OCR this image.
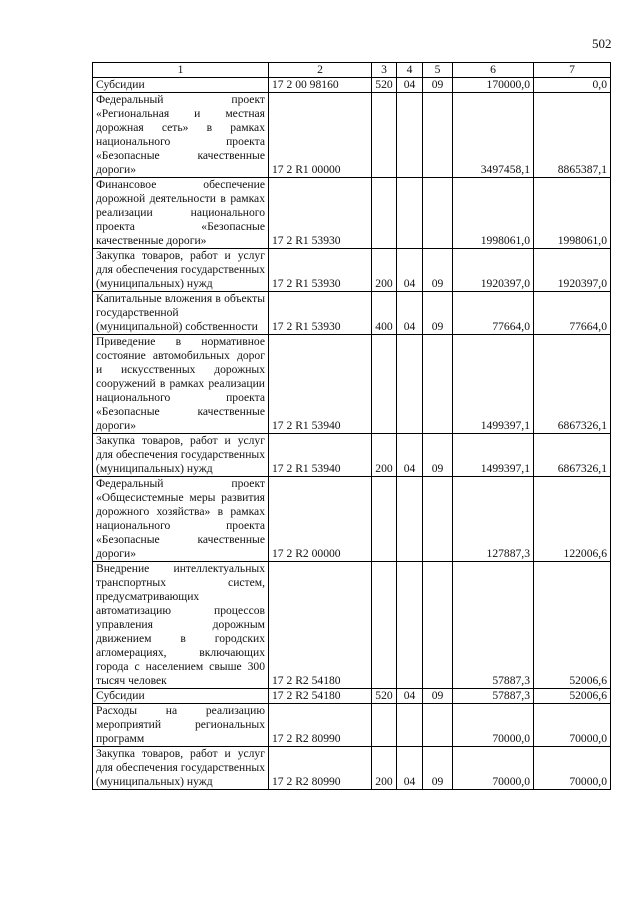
502
1	2	3	4	5	6	7
Субсидии	17 2 00 98160	520	04	09	170000,0	0,0
Федеральный проект «Региональная и местная дорожная сеть» в рамках национального проекта «Безопасные качественные дороги»	17 2 R1 00000				3497458,1	8865387,1
Финансовое обеспечение дорожной деятельности в рамках реализации национального проекта «Безопасные качественные дороги»	17 2 R1 53930				1998061,0	1998061,0
Закупка товаров, работ и услуг для обеспечения государственных (муниципальных) нужд	17 2 R1 53930	200	04	09	1920397,0	1920397,0
Капитальные вложения в объекты государственной (муниципальной) собственности	17 2 R1 53930	400	04	09	77664,0	77664,0
Приведение в нормативное состояние автомобильных дорог и искусственных дорожных сооружений в рамках реализации национального проекта «Безопасные качественные дороги»	17 2 R1 53940				1499397,1	6867326,1
Закупка товаров, работ и услуг для обеспечения государственных (муниципальных) нужд	17 2 R1 53940	200	04	09	1499397,1	6867326,1
Федеральный проект «Общесистемные меры развития дорожного хозяйства» в рамках национального проекта «Безопасные качественные дороги»	17 2 R2 00000				127887,3	122006,6
Внедрение интеллектуальных транспортных систем, предусматривающих автоматизацию процессов управления дорожным движением в городских агломерациях, включающих города с населением свыше 300 тысяч человек	17 2 R2 54180				57887,3	52006,6
Субсидии	17 2 R2 54180	520	04	09	57887,3	52006,6
Расходы на реализацию мероприятий региональных программ	17 2 R2 80990				70000,0	70000,0
Закупка товаров, работ и услуг для обеспечения государственных (муниципальных) нужд	17 2 R2 80990	200	04	09	70000,0	70000,0
